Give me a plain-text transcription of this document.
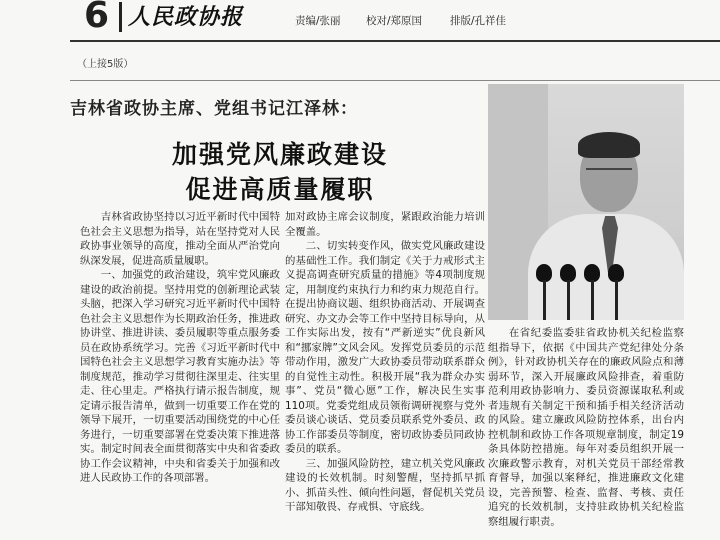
6 人民政协报	责编/张丽 校对/郑原国	排版/孔祥佳
（上接5版）
吉林省政协主席、党组书记江泽林：
加强党风廉政建设
促进高质量履职

吉林省政协坚持以习近平新时代中国特色社会主义思想为指导，站在坚持党对人民政协事业领导的高度，推动全面从严治党向纵深发展，促进高质量履职。

一、加强党的政治建设，筑牢党风廉政建设的政治前提。坚持用党的创新理论武装头脑，把深入学习研究习近平新时代中国特色社会主义思想作为长期政治任务，推进政协讲堂、推进讲读、委员履职等重点服务委员在政协系统学习。完善《习近平新时代中国特色社会主义思想学习教育实施办法》等制度规范，推动学习贯彻往深里走、往实里走、往心里走。严格执行请示报告制度，规定请示报告清单，做到一切重要工作在党的领导下展开，一切重要活动围绕党的中心任务进行，一切重要部署在党委决策下推进落实。制定时间表全面贯彻落实中央和省委政协工作会议精神，中央和省委关于加强和改进人民政协工作的各项部署。

加对政协主席会议制度，紧跟政治能力培训全覆盖。

二、切实转变作风，做实党风廉政建设的基础性工作。我们制定《关于力戒形式主义提高调查研究质量的措施》等4项制度规定，用制度约束执行力和约束力规范自行。在提出协商议题、组织协商活动、开展调查研究、办文办会等工作中坚持目标导向，从工作实际出发，按有“严新逆实”优良新风和“挪家牌”文风会风。发挥党员委员的示范带动作用，激发广大政协委员带动联系群众的自觉性主动性。积极开展“我为群众办实事”、党员“微心愿”工作，解决民生实事110项。党委党组成员领衔调研视察与党外委员谈心谈话、党员委员联系党外委员、政协工作部委员等制度，密切政协委员同政协委员的联系。

三、加强风险防控，建立机关党风廉政建设的长效机制。时刻警醒，坚持抓早抓小、抓苗头性、倾向性问题，督促机关党员干部知敬畏、存戒惧、守底线。

在省纪委监委驻省政协机关纪检监察组指导下，依据《中国共产党纪律处分条例》，针对政协机关存在的廉政风险点和薄弱环节，深入开展廉政风险排查，着重防范利用政协影响力、委员资源谋取私利或者违规有关制定干预和插手相关经济活动的风险。建立廉政风险防控体系，出台内控机制和政协工作各项规章制度，制定19条具体防控措施。每年对委员组织开展一次廉政警示教育，对机关党员干部经常教育督导，加强以案释纪，推进廉政文化建设，完善预警、检查、监督、考核、责任追究的长效机制，支持驻政协机关纪检监察组履行职责。
